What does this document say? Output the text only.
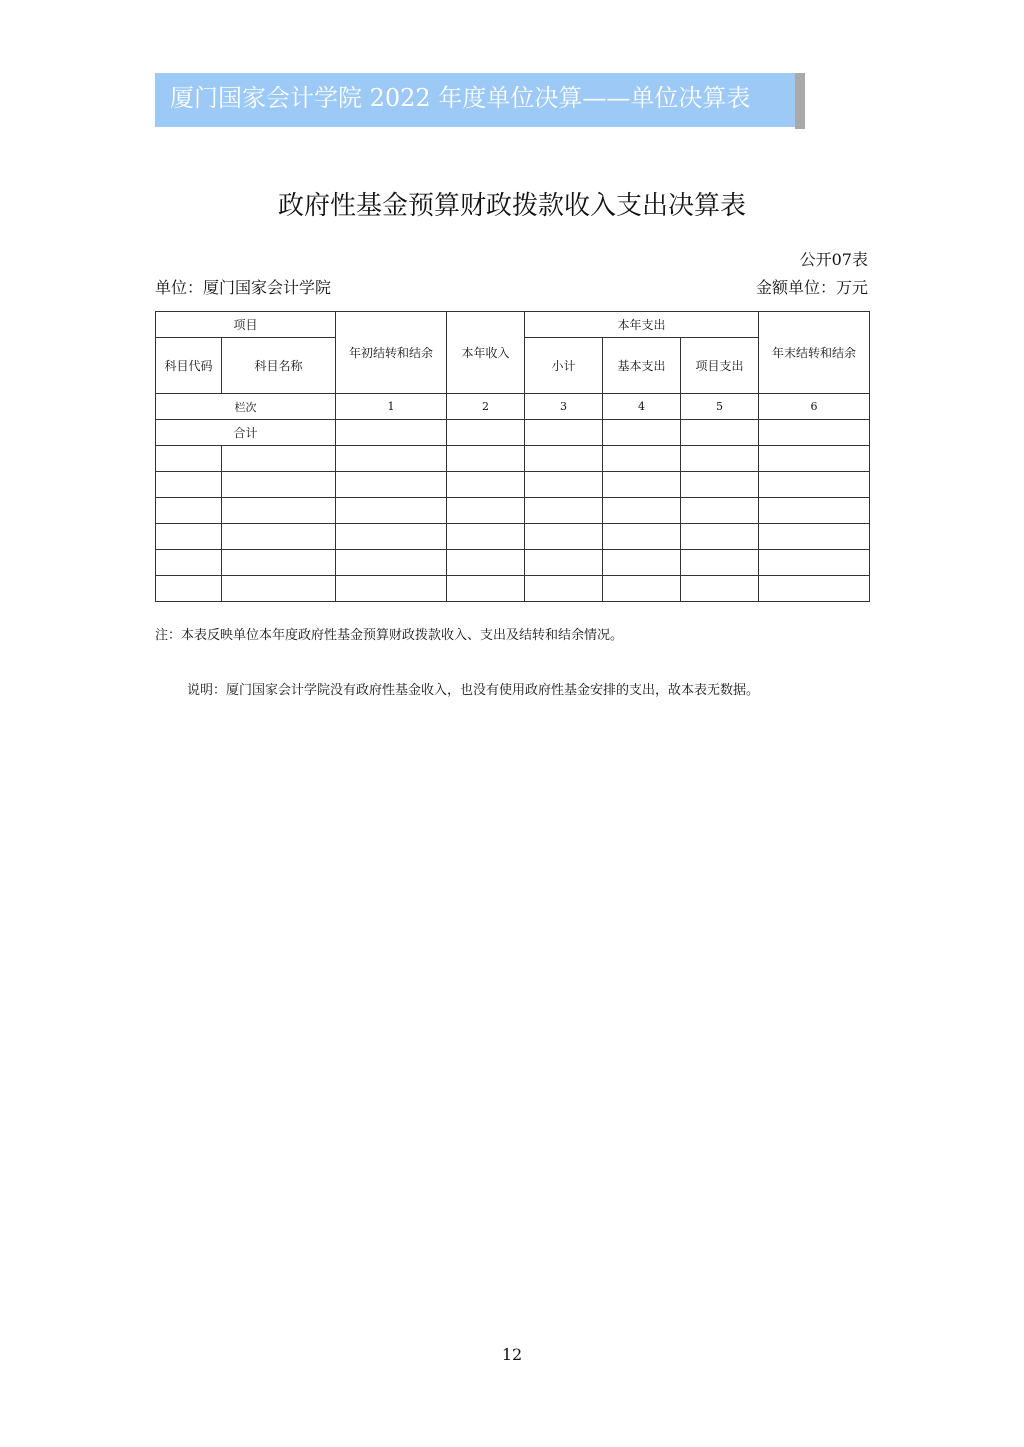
厦门国家会计学院 2022 年度单位决算——单位决算表
政府性基金预算财政拨款收入支出决算表
公开07表
单位：厦门国家会计学院	金额单位：万元
项目		年初结转和结余	本年收入	本年支出			年末结转和结余
科目代码	科目名称			小计	基本支出	项目支出	
栏次		1	2	3	4	5	6
合计							

注：本表反映单位本年度政府性基金预算财政拨款收入、支出及结转和结余情况。
说明：厦门国家会计学院没有政府性基金收入，也没有使用政府性基金安排的支出，故本表无数据。
12
